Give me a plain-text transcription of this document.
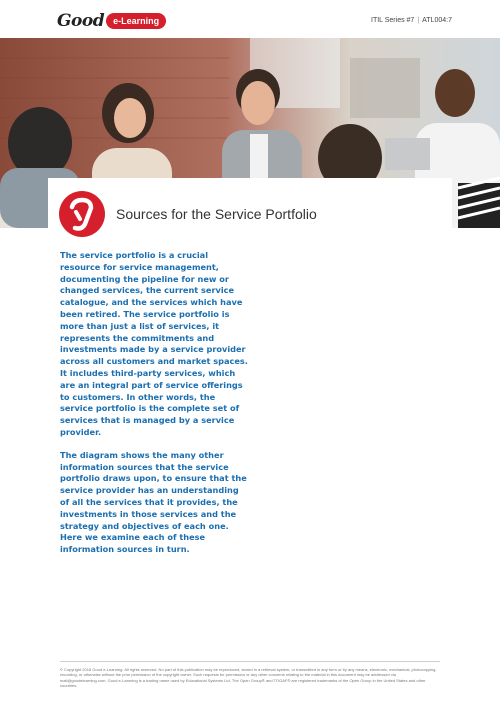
Good	e-Learning	ITIL Series #7 | ATL004:7
Sources for the Service Portfolio

The service portfolio is a crucial resource for service management, documenting the pipeline for new or changed services, the current service catalogue, and the services which have been retired. The service portfolio is more than just a list of services, it represents the commitments and investments made by a service provider across all customers and market spaces. It includes third-party services, which are an integral part of service offerings to customers. In other words, the service portfolio is the complete set of services that is managed by a service provider.

The diagram shows the many other information sources that the service portfolio draws upon, to ensure that the service provider has an understanding of all the services that it provides, the investments in those services and the strategy and objectives of each one. Here we examine each of these information sources in turn.

© Copyright 2016 Good e-Learning. All rights reserved. No part of this publication may be reproduced, stored in a retrieval system, or transmitted in any form or by any means, electronic, mechanical, photocopying, recording, or otherwise without the prior permission of the copyright owner. Such requests for permission or any other concerns relating to the material in this document may be addressed via mail@goodelearning.com. Good e-Learning is a trading name used by Educational Systems Ltd. The Open Group® and TOGAF® are registered trademarks of the Open Group in the United States and other countries.
